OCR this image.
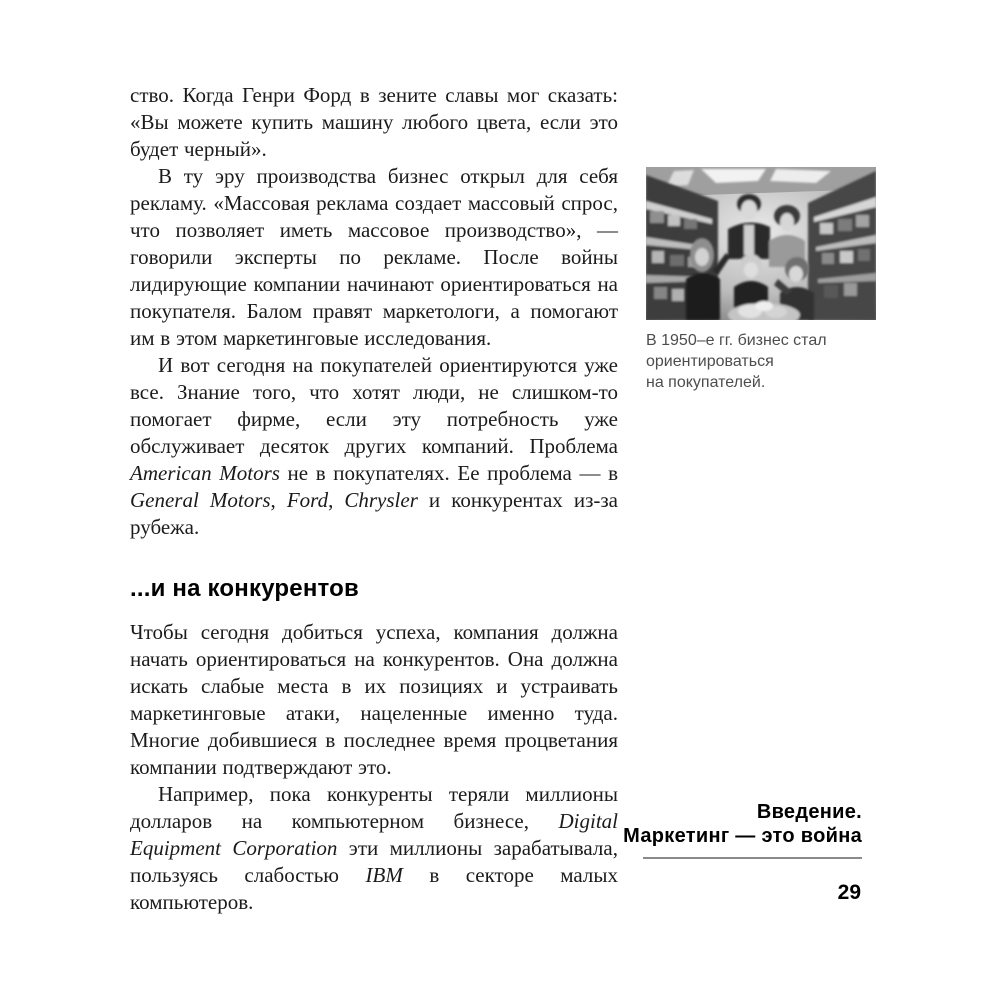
ство. Когда Генри Форд в зените славы мог сказать: «Вы можете купить машину любого цвета, если это будет черный».

В ту эру производства бизнес открыл для себя рекламу. «Массовая реклама создает массовый спрос, что позволяет иметь массовое производство», — говорили эксперты по рекламе. После войны лидирующие компании начинают ориентироваться на покупателя. Балом правят маркетологи, а помогают им в этом маркетинговые исследования.

И вот сегодня на покупателей ориентируются уже все. Знание того, что хотят люди, не слишком-то помогает фирме, если эту потребность уже обслуживает десяток других компаний. Проблема American Motors не в покупателях. Ее проблема — в General Motors, Ford, Chrysler и конкурентах из-за рубежа.

...и на конкурентов

Чтобы сегодня добиться успеха, компания должна начать ориентироваться на конкурентов. Она должна искать слабые места в их позициях и устраивать маркетинговые атаки, нацеленные именно туда. Многие добившиеся в последнее время процветания компании подтверждают это.

Например, пока конкуренты теряли миллионы долларов на компьютерном бизнесе, Digital Equipment Corporation эти миллионы зарабатывала, пользуясь слабостью IBM в секторе малых компьютеров.

В 1950–е гг. бизнес стал
ориентироваться
на покупателей.
Введение.
Маркетинг — это война
29
